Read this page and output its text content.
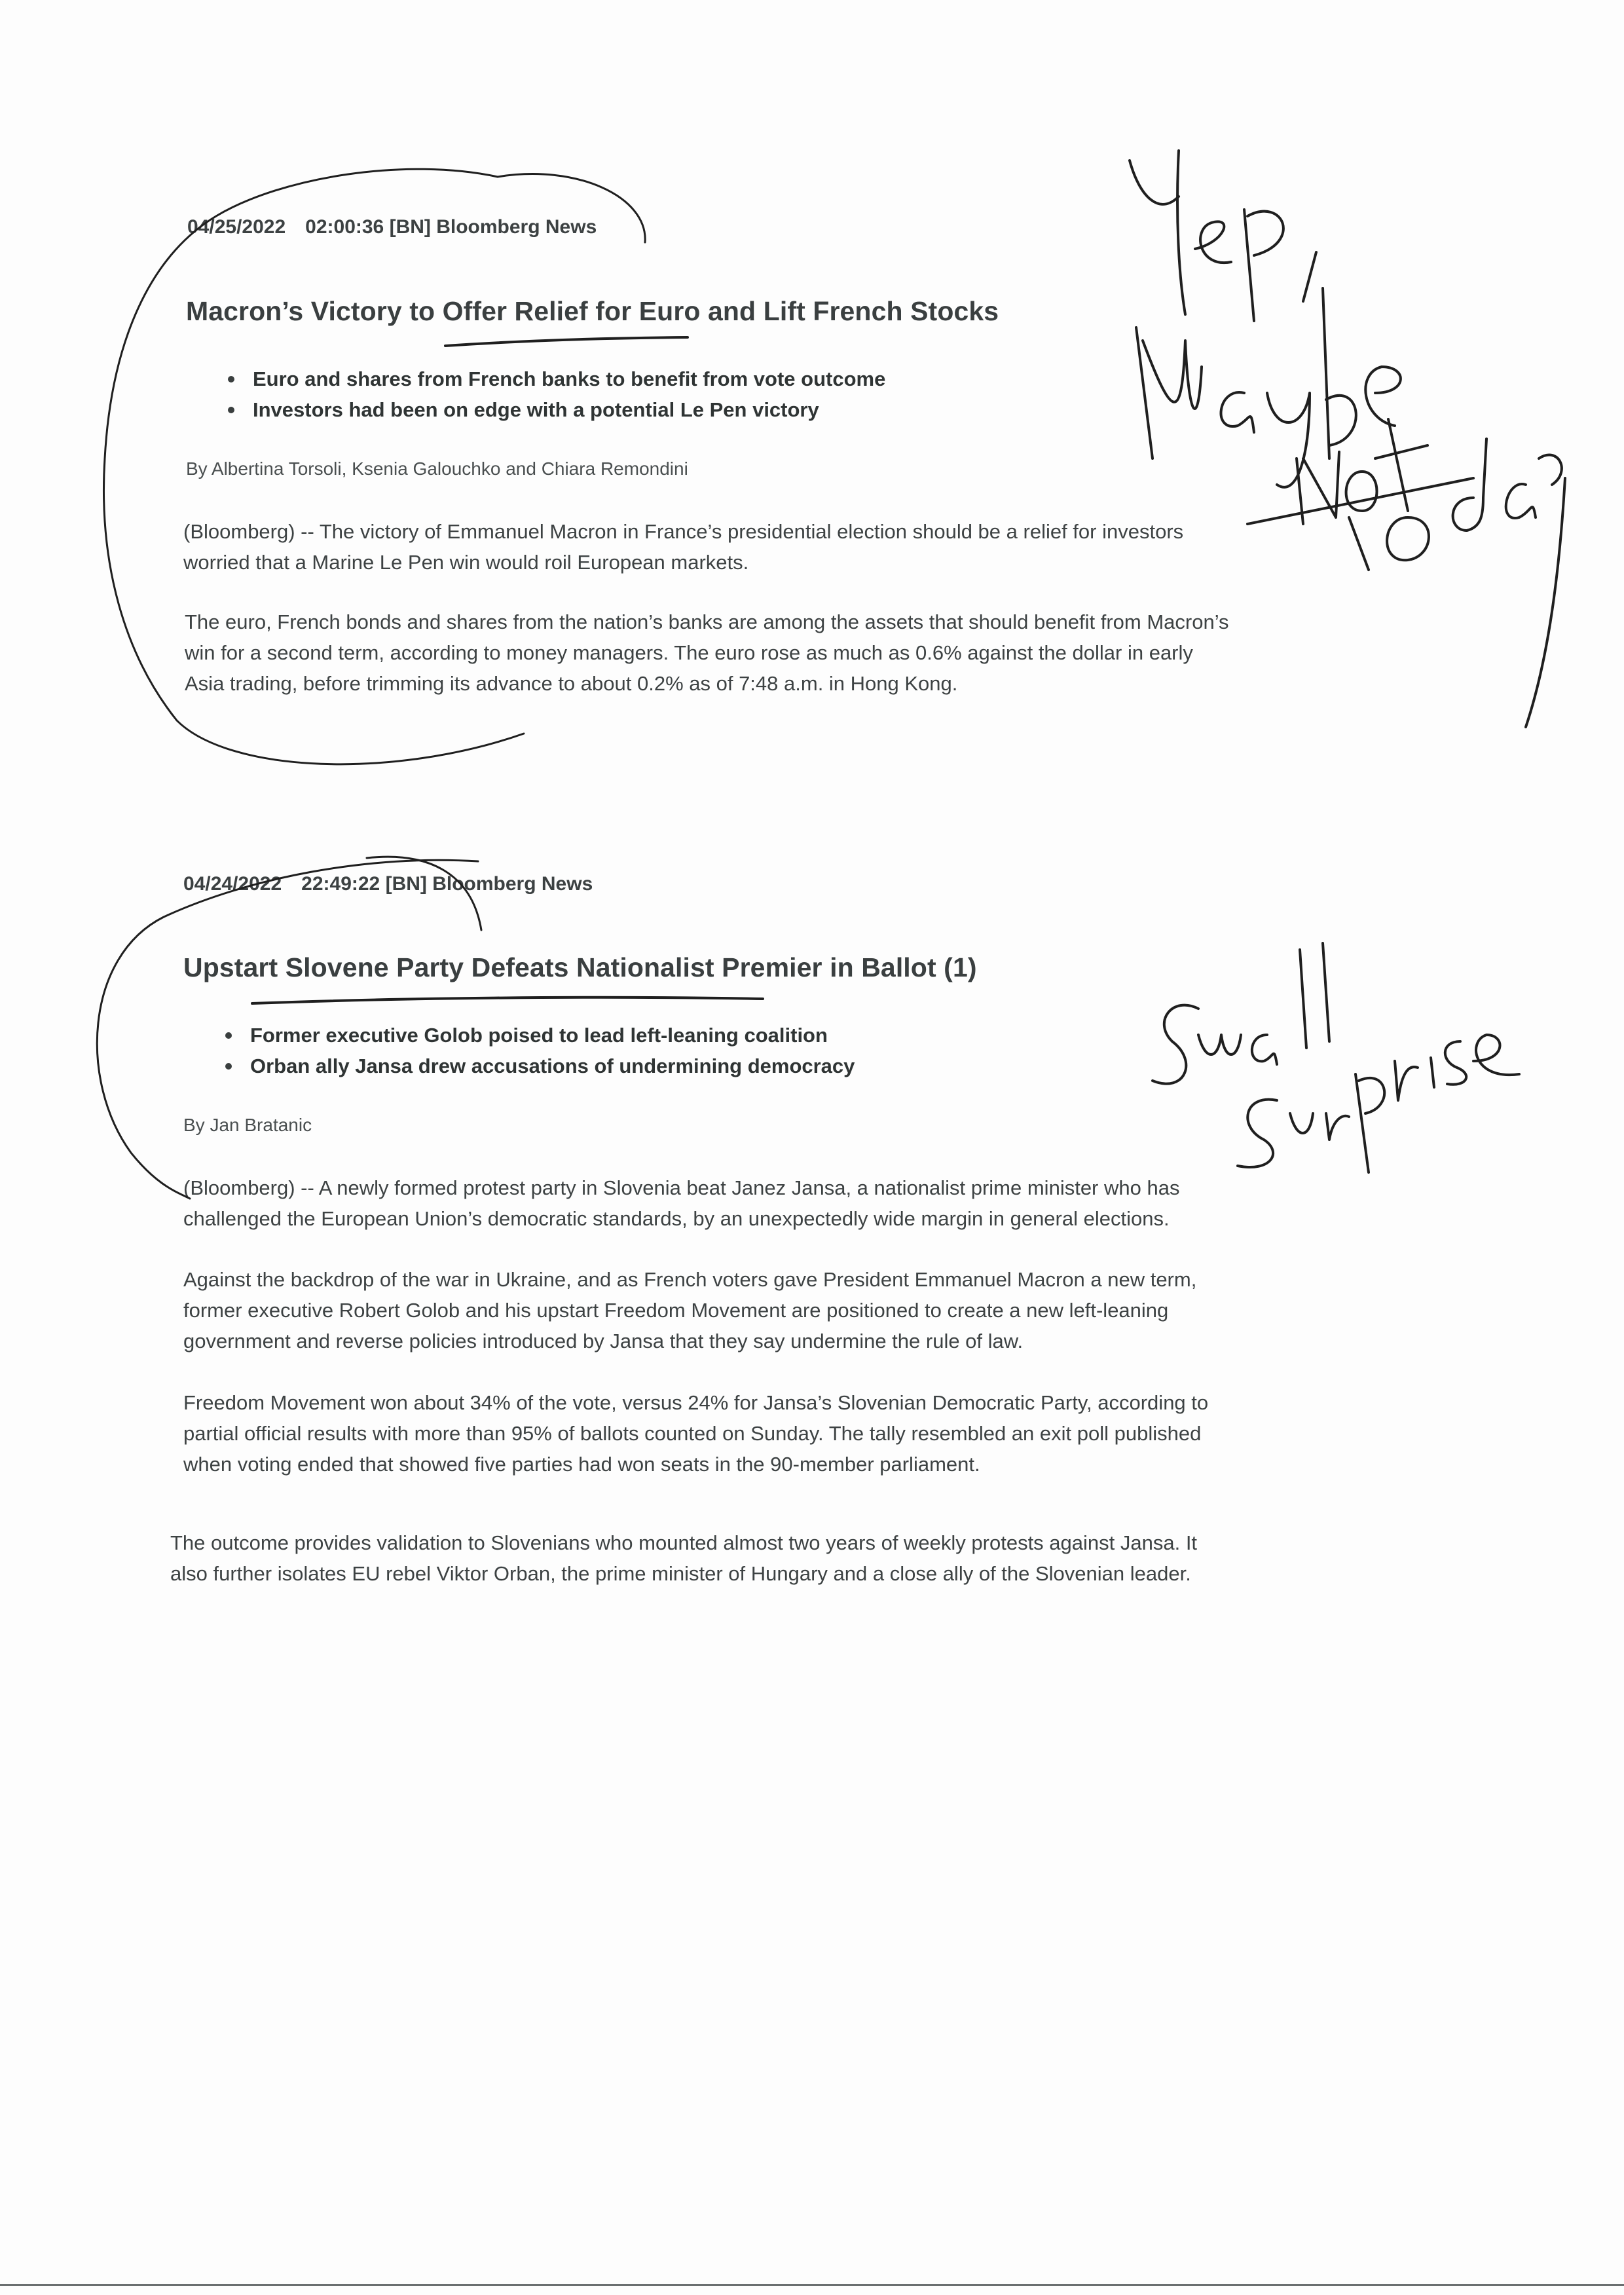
04/25/2022 02:00:36 [BN] Bloomberg News
Macron’s Victory to Offer Relief for Euro and Lift French Stocks
Euro and shares from French banks to benefit from vote outcome
Investors had been on edge with a potential Le Pen victory
By Albertina Torsoli, Ksenia Galouchko and Chiara Remondini
(Bloomberg) -- The victory of Emmanuel Macron in France’s presidential election should be a relief for investors
worried that a Marine Le Pen win would roil European markets.
The euro, French bonds and shares from the nation’s banks are among the assets that should benefit from Macron’s
win for a second term, according to money managers. The euro rose as much as 0.6% against the dollar in early
Asia trading, before trimming its advance to about 0.2% as of 7:48 a.m. in Hong Kong.
04/24/2022 22:49:22 [BN] Bloomberg News
Upstart Slovene Party Defeats Nationalist Premier in Ballot (1)
Former executive Golob poised to lead left-leaning coalition
Orban ally Jansa drew accusations of undermining democracy
By Jan Bratanic
(Bloomberg) -- A newly formed protest party in Slovenia beat Janez Jansa, a nationalist prime minister who has
challenged the European Union’s democratic standards, by an unexpectedly wide margin in general elections.
Against the backdrop of the war in Ukraine, and as French voters gave President Emmanuel Macron a new term,
former executive Robert Golob and his upstart Freedom Movement are positioned to create a new left-leaning
government and reverse policies introduced by Jansa that they say undermine the rule of law.
Freedom Movement won about 34% of the vote, versus 24% for Jansa’s Slovenian Democratic Party, according to
partial official results with more than 95% of ballots counted on Sunday. The tally resembled an exit poll published
when voting ended that showed five parties had won seats in the 90-member parliament.
The outcome provides validation to Slovenians who mounted almost two years of weekly protests against Jansa. It
also further isolates EU rebel Viktor Orban, the prime minister of Hungary and a close ally of the Slovenian leader.
